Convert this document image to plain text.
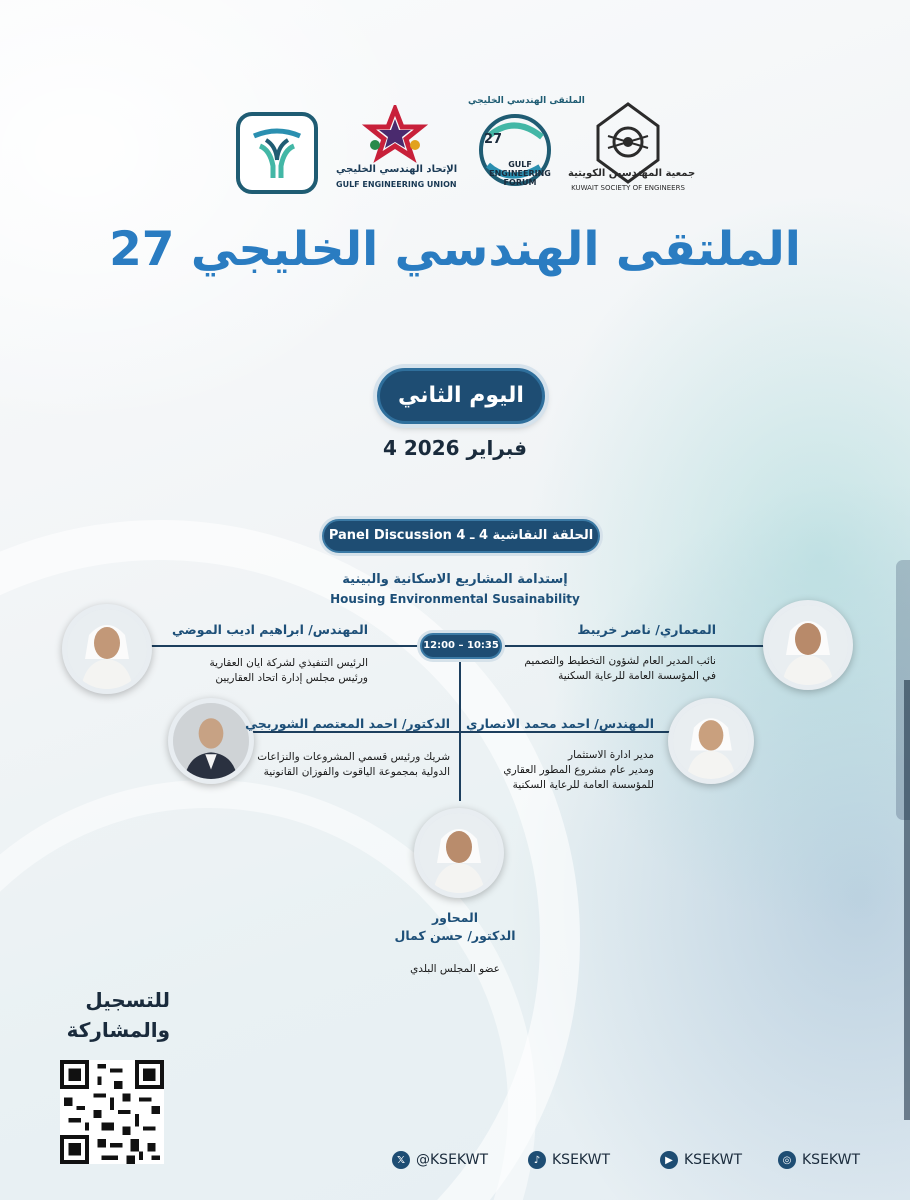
الإتحاد الهندسي الخليجي
GULF ENGINEERING UNION
الملتقى الهندسي الخليجي
27
GULF ENGINEERING FORUM
جمعية المهندسين الكويتية
KUWAIT SOCIETY OF ENGINEERS
الملتقى الهندسي الخليجي 27
اليوم الثاني
4 فبراير 2026
الحلقة النقاشية 4 ـ Panel Discussion 4
إستدامة المشاريع الاسكانية والبينية
Housing Environmental Susainability
12:00 – 10:35
المعماري/ ناصر خريبط
نائب المدير العام لشؤون التخطيط والتصميم
في المؤسسة العامة للرعاية السكنية
المهندس/ ابراهيم اديب الموضي
الرئيس التنفيذي لشركة ايان العقارية
ورئيس مجلس إدارة اتحاد العقاريين
المهندس/ احمد محمد الانصاري
مدير ادارة الاستثمار
ومدير عام مشروع المطور العقاري
للمؤسسة العامة للرعاية السكنية
الدكتور/ احمد المعتصم الشوربجي
شريك ورئيس قسمي المشروعات والنزاعات
الدولية بمجموعة الياقوت والفوزان القانونية
المحاور
الدكتور/ حسن كمال
عضو المجلس البلدي
للتسجيل
والمشاركة
𝕏 @KSEKWT	♪ KSEKWT	▶ KSEKWT	◎ KSEKWT
